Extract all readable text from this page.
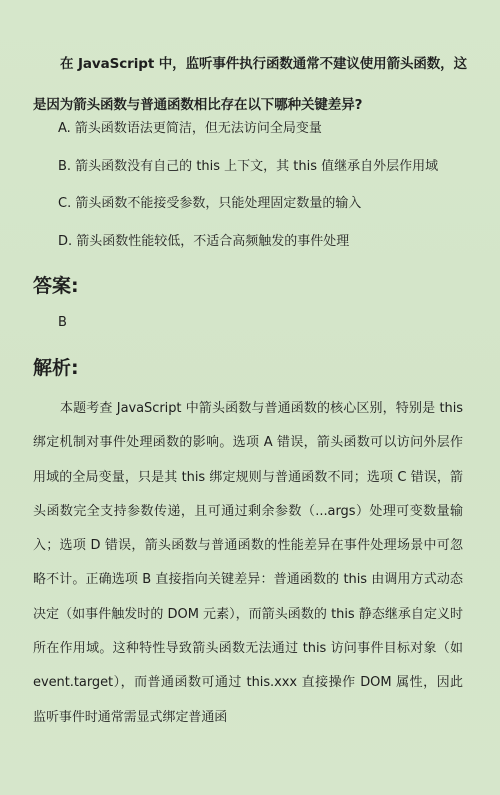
在 JavaScript 中，监听事件执行函数通常不建议使用箭头函数，这是因为箭头函数与普通函数相比存在以下哪种关键差异?

A. 箭头函数语法更简洁，但无法访问全局变量
B. 箭头函数没有自己的 this 上下文，其 this 值继承自外层作用域
C. 箭头函数不能接受参数，只能处理固定数量的输入
D. 箭头函数性能较低，不适合高频触发的事件处理
答案:

B

解析:

本题考查 JavaScript 中箭头函数与普通函数的核心区别，特别是 this 绑定机制对事件处理函数的影响。选项 A 错误，箭头函数可以访问外层作用域的全局变量，只是其 this 绑定规则与普通函数不同；选项 C 错误，箭头函数完全支持参数传递，且可通过剩余参数（...args）处理可变数量输入；选项 D 错误，箭头函数与普通函数的性能差异在事件处理场景中可忽略不计。正确选项 B 直接指向关键差异：普通函数的 this 由调用方式动态决定（如事件触发时的 DOM 元素），而箭头函数的 this 静态继承自定义时所在作用域。这种特性导致箭头函数无法通过 this 访问事件目标对象（如 event.target），而普通函数可通过 this.xxx 直接操作 DOM 属性，因此监听事件时通常需显式绑定普通函
